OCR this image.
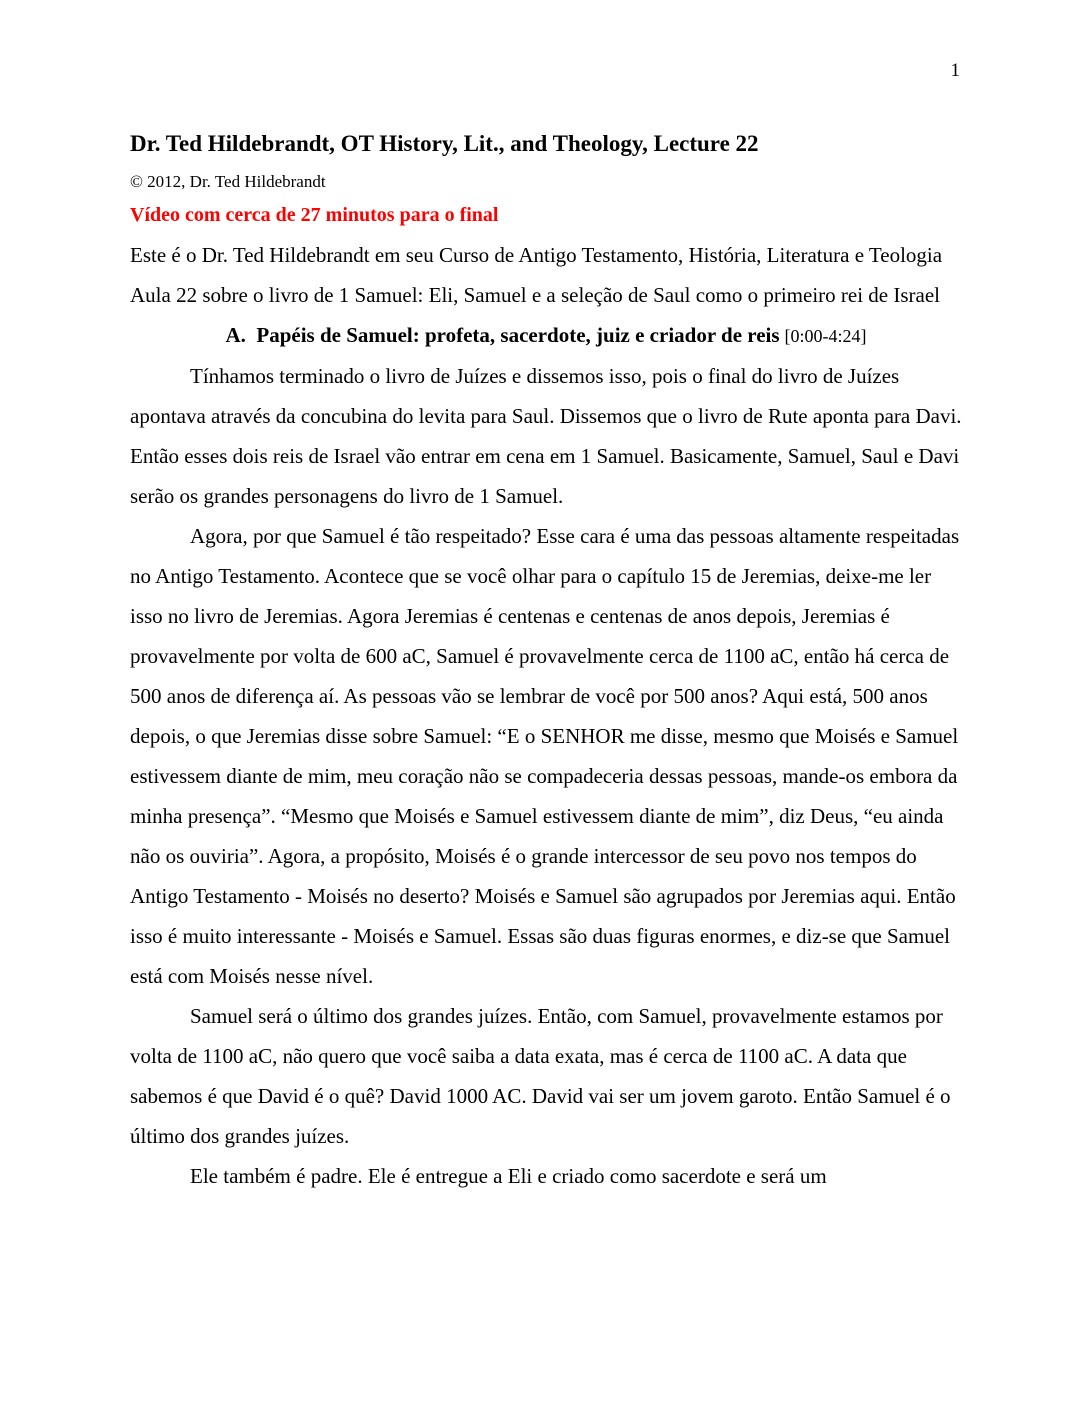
1
Dr. Ted Hildebrandt, OT History, Lit., and Theology, Lecture 22
© 2012, Dr. Ted Hildebrandt
Vídeo com cerca de 27 minutos para o final

Este é o Dr. Ted Hildebrandt em seu Curso de Antigo Testamento, História, Literatura e Teologia Aula 22 sobre o livro de 1 Samuel: Eli, Samuel e a seleção de Saul como o primeiro rei de Israel

A.  Papéis de Samuel: profeta, sacerdote, juiz e criador de reis [0:00-4:24]

Tínhamos terminado o livro de Juízes e dissemos isso, pois o final do livro de Juízes apontava através da concubina do levita para Saul. Dissemos que o livro de Rute aponta para Davi. Então esses dois reis de Israel vão entrar em cena em 1 Samuel. Basicamente, Samuel, Saul e Davi serão os grandes personagens do livro de 1 Samuel.

Agora, por que Samuel é tão respeitado? Esse cara é uma das pessoas altamente respeitadas no Antigo Testamento. Acontece que se você olhar para o capítulo 15 de Jeremias, deixe-me ler isso no livro de Jeremias. Agora Jeremias é centenas e centenas de anos depois, Jeremias é provavelmente por volta de 600 aC, Samuel é provavelmente cerca de 1100 aC, então há cerca de 500 anos de diferença aí. As pessoas vão se lembrar de você por 500 anos? Aqui está, 500 anos depois, o que Jeremias disse sobre Samuel: “E o SENHOR me disse, mesmo que Moisés e Samuel estivessem diante de mim, meu coração não se compadeceria dessas pessoas, mande-os embora da minha presença”. “Mesmo que Moisés e Samuel estivessem diante de mim”, diz Deus, “eu ainda não os ouviria”. Agora, a propósito, Moisés é o grande intercessor de seu povo nos tempos do Antigo Testamento - Moisés no deserto? Moisés e Samuel são agrupados por Jeremias aqui. Então isso é muito interessante - Moisés e Samuel. Essas são duas figuras enormes, e diz-se que Samuel está com Moisés nesse nível.

Samuel será o último dos grandes juízes. Então, com Samuel, provavelmente estamos por volta de 1100 aC, não quero que você saiba a data exata, mas é cerca de 1100 aC. A data que sabemos é que David é o quê? David 1000 AC. David vai ser um jovem garoto. Então Samuel é o último dos grandes juízes.

Ele também é padre. Ele é entregue a Eli e criado como sacerdote e será um
